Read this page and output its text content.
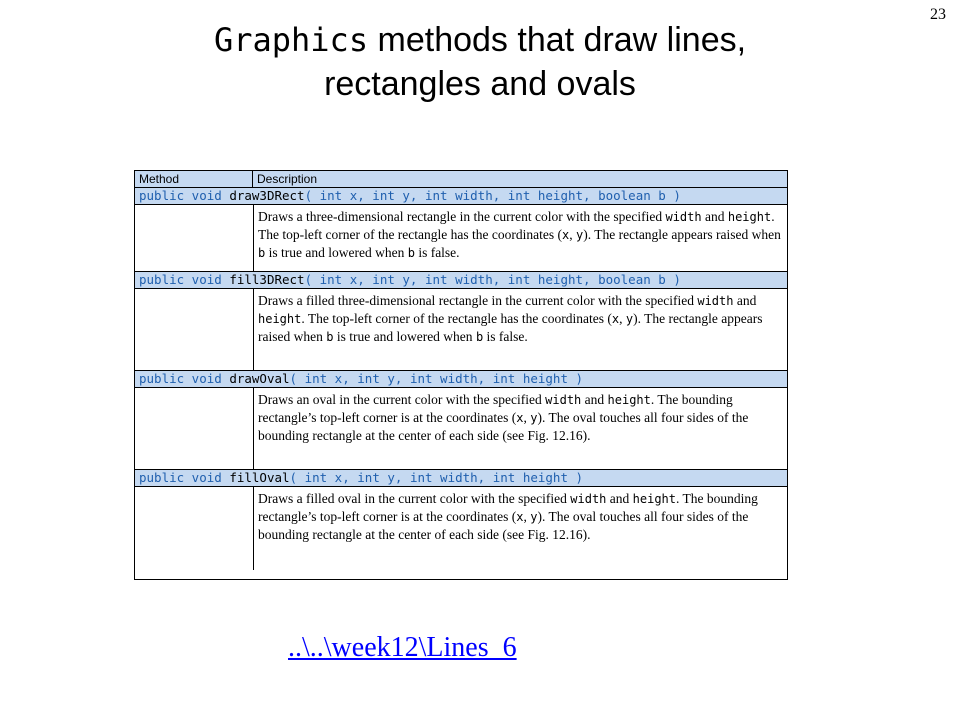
23
Graphics methods that draw lines,
rectangles and ovals
Method	Description
public void draw3DRect( int x, int y, int width, int height, boolean b )
Draws a three-dimensional rectangle in the current color with the specified width and height. The top-left corner of the rectangle has the coordinates (x, y). The rectangle appears raised when b is true and lowered when b is false.
public void fill3DRect( int x, int y, int width, int height, boolean b )
Draws a filled three-dimensional rectangle in the current color with the specified width and height. The top-left corner of the rectangle has the coordinates (x, y). The rectangle appears raised when b is true and lowered when b is false.
public void drawOval( int x, int y, int width, int height )
Draws an oval in the current color with the specified width and height. The bounding rectangle’s top-left corner is at the coordinates (x, y). The oval touches all four sides of the bounding rectangle at the center of each side (see Fig. 12.16).
public void fillOval( int x, int y, int width, int height )
Draws a filled oval in the current color with the specified width and height. The bounding rectangle’s top-left corner is at the coordinates (x, y). The oval touches all four sides of the bounding rectangle at the center of each side (see Fig. 12.16).
..\..\week12\Lines_6
